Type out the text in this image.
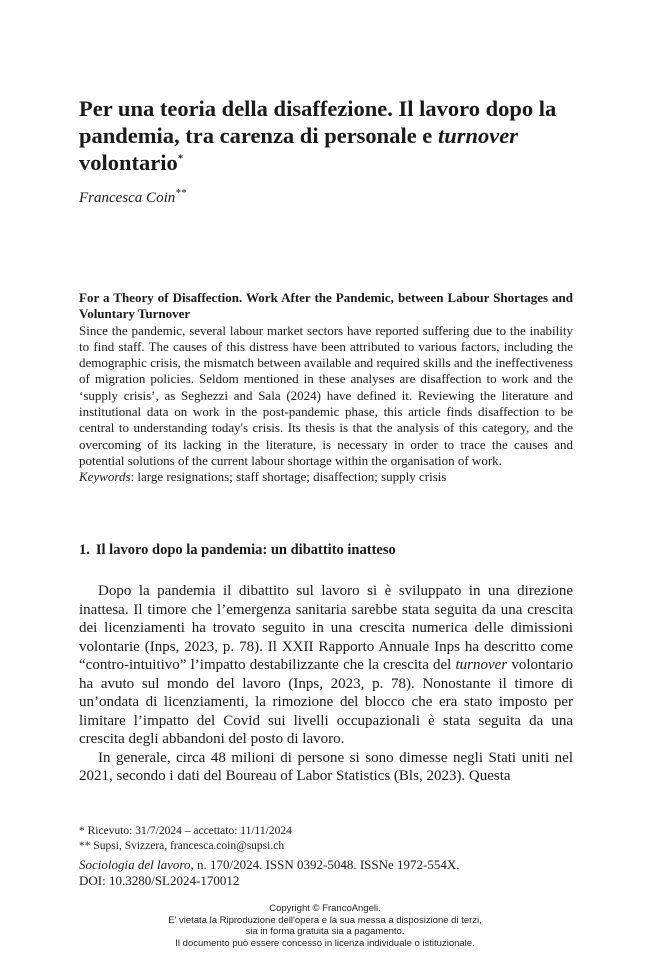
Per una teoria della disaffezione. Il lavoro dopo la pandemia, tra carenza di personale e turnover volontario*

Francesca Coin**

For a Theory of Disaffection. Work After the Pandemic, between Labour Shortages and Voluntary Turnover

Since the pandemic, several labour market sectors have reported suffering due to the inability to find staff. The causes of this distress have been attributed to various factors, including the demographic crisis, the mismatch between available and required skills and the ineffectiveness of migration policies. Seldom mentioned in these analyses are disaffection to work and the ‘supply crisis’, as Seghezzi and Sala (2024) have defined it. Reviewing the literature and institutional data on work in the post-pandemic phase, this article finds disaffection to be central to understanding today's crisis. Its thesis is that the analysis of this category, and the overcoming of its lacking in the literature, is necessary in order to trace the causes and potential solutions of the current labour shortage within the organisation of work.

Keywords: large resignations; staff shortage; disaffection; supply crisis

1. Il lavoro dopo la pandemia: un dibattito inatteso

Dopo la pandemia il dibattito sul lavoro si è sviluppato in una direzione inattesa. Il timore che l’emergenza sanitaria sarebbe stata seguita da una crescita dei licenziamenti ha trovato seguito in una crescita numerica delle dimissioni volontarie (Inps, 2023, p. 78). Il XXII Rapporto Annuale Inps ha descritto come “contro-intuitivo” l’impatto destabilizzante che la crescita del turnover volontario ha avuto sul mondo del lavoro (Inps, 2023, p. 78). Nonostante il timore di un’ondata di licenziamenti, la rimozione del blocco che era stato imposto per limitare l’impatto del Covid sui livelli occupazionali è stata seguita da una crescita degli abbandoni del posto di lavoro.

In generale, circa 48 milioni di persone si sono dimesse negli Stati uniti nel 2021, secondo i dati del Boureau of Labor Statistics (Bls, 2023). Questa

* Ricevuto: 31/7/2024 – accettato: 11/11/2024

** Supsi, Svizzera, francesca.coin@supsi.ch

Sociologia del lavoro, n. 170/2024. ISSN 0392-5048. ISSNe 1972-554X.

DOI: 10.3280/SL2024-170012

Copyright © FrancoAngeli.

E' vietata la Riproduzione dell'opera e la sua messa a disposizione di terzi,

sia in forma gratuita sia a pagamento.

Il documento può essere concesso in licenza individuale o istituzionale.
